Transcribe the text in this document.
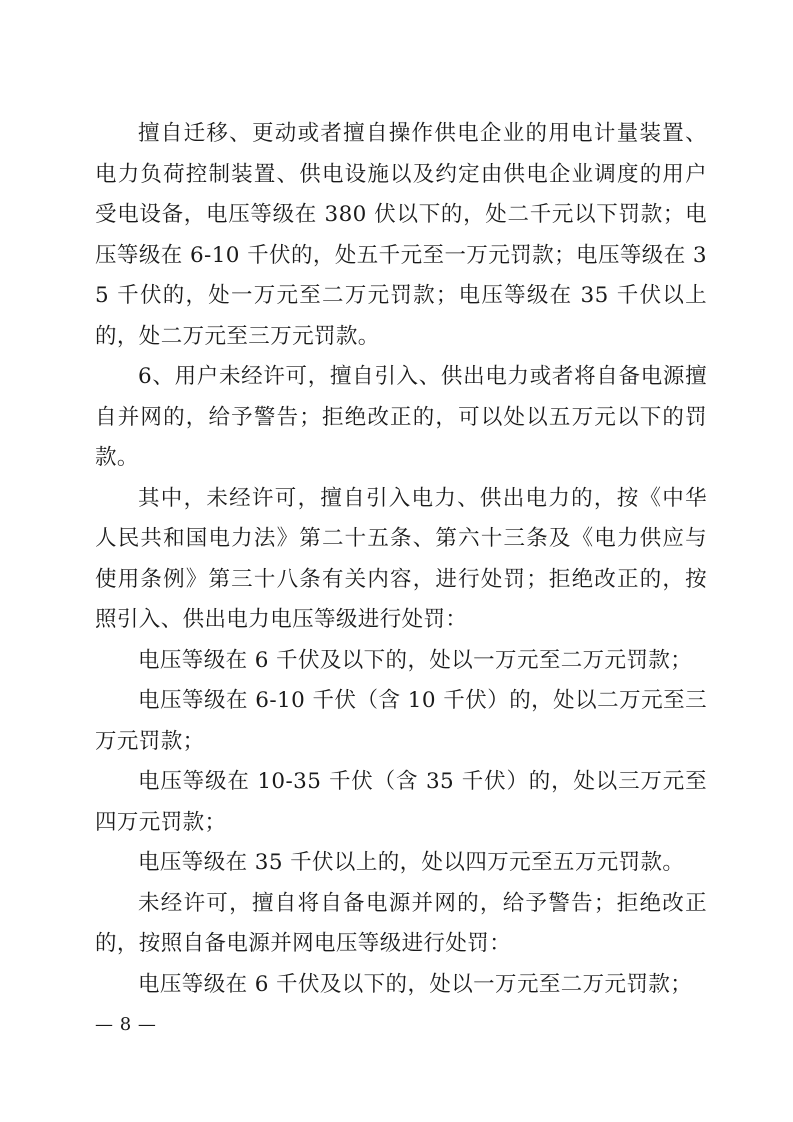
擅自迁移、更动或者擅自操作供电企业的用电计量装置、电力负荷控制装置、供电设施以及约定由供电企业调度的用户受电设备，电压等级在 380 伏以下的，处二千元以下罚款；电压等级在 6-10 千伏的，处五千元至一万元罚款；电压等级在 35 千伏的，处一万元至二万元罚款；电压等级在 35 千伏以上的，处二万元至三万元罚款。

6、用户未经许可，擅自引入、供出电力或者将自备电源擅自并网的，给予警告；拒绝改正的，可以处以五万元以下的罚款。

其中，未经许可，擅自引入电力、供出电力的，按《中华人民共和国电力法》第二十五条、第六十三条及《电力供应与使用条例》第三十八条有关内容，进行处罚；拒绝改正的，按照引入、供出电力电压等级进行处罚：

电压等级在 6 千伏及以下的，处以一万元至二万元罚款；

电压等级在 6-10 千伏（含 10 千伏）的，处以二万元至三万元罚款；

电压等级在 10-35 千伏（含 35 千伏）的，处以三万元至四万元罚款；

电压等级在 35 千伏以上的，处以四万元至五万元罚款。

未经许可，擅自将自备电源并网的，给予警告；拒绝改正的，按照自备电源并网电压等级进行处罚：

电压等级在 6 千伏及以下的，处以一万元至二万元罚款；

— 8 —
